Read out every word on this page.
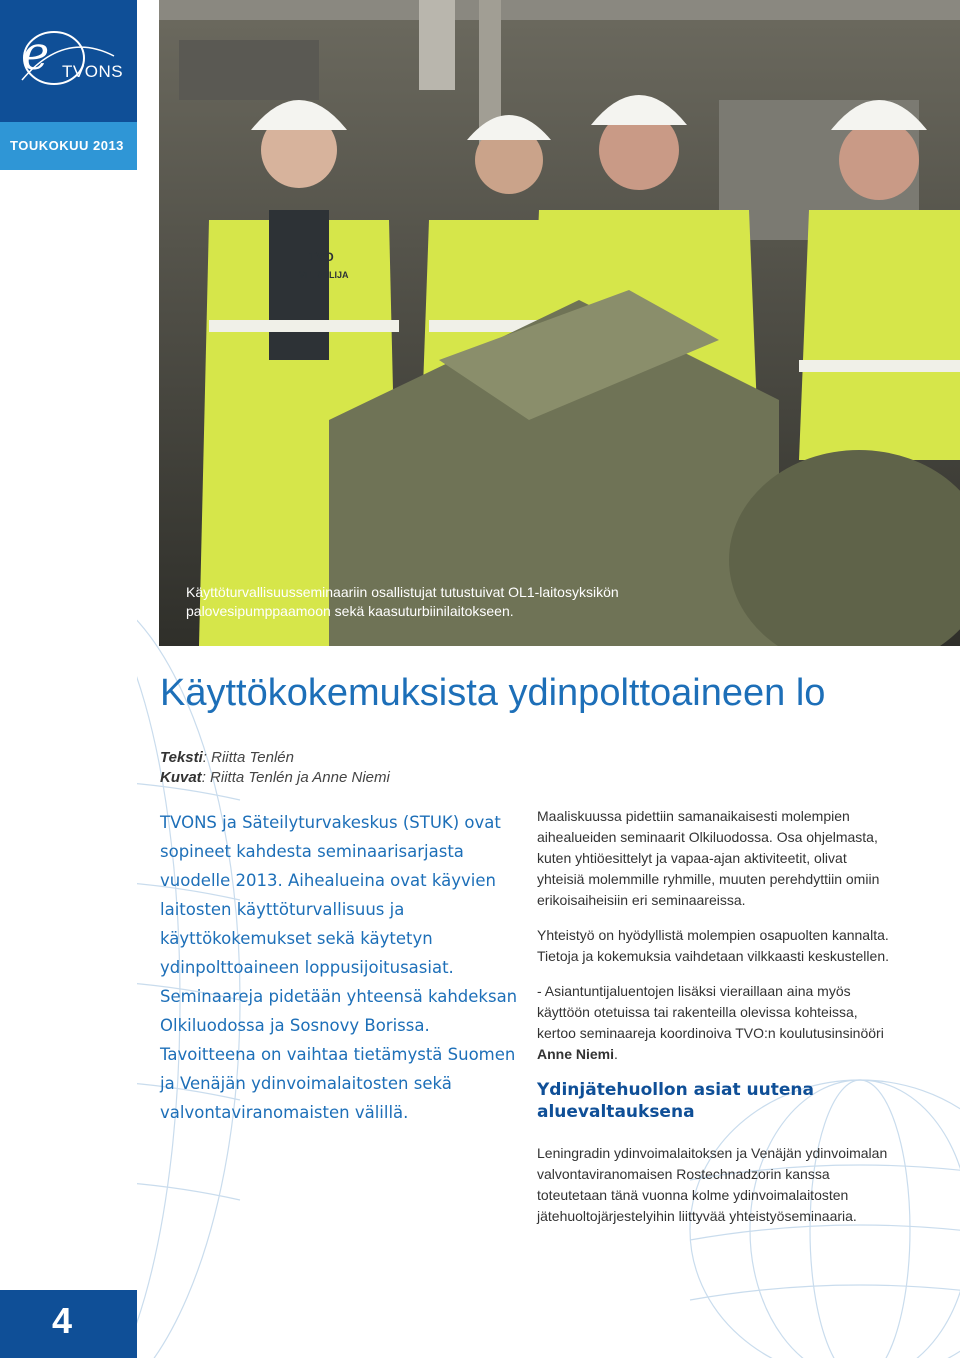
e TVONS
TOUKOKUU 2013
4
TVO
VIERAILIJA
Käyttöturvallisuusseminaariin osallistujat tutustuivat OL1-laitosyksikön
palovesipumppaamoon sekä kaasuturbiinilaitokseen.
Käyttökokemuksista ydinpolttoaineen lo
Teksti: Riitta Tenlén
Kuvat: Riitta Tenlén ja Anne Niemi
TVONS ja Säteilyturvakeskus (STUK) ovat sopineet kahdesta seminaarisarjasta vuodelle 2013. Aihealueina ovat käyvien laitosten käyttöturvallisuus ja käyttökokemukset sekä käytetyn ydinpolttoaineen loppusijoitusasiat. Seminaareja pidetään yhteensä kahdeksan Olkiluodossa ja Sosnovy Borissa. Tavoitteena on vaihtaa tietämystä Suomen ja Venäjän ydinvoimalaitosten sekä valvontaviranomaisten välillä.

Maaliskuussa pidettiin samanaikaisesti molempien aihealueiden seminaarit Olkiluodossa. Osa ohjelmasta, kuten yhtiöesittelyt ja vapaa-ajan aktiviteetit, olivat yhteisiä molemmille ryhmille, muuten perehdyttiin omiin erikoisaiheisiin eri seminaareissa.

Yhteistyö on hyödyllistä molempien osapuolten kannalta. Tietoja ja kokemuksia vaihdetaan vilkkaasti keskustellen.

- Asiantuntijaluentojen lisäksi vieraillaan aina myös käyttöön otetuissa tai rakenteilla olevissa kohteissa, kertoo seminaareja koordinoiva TVO:n koulutusinsinööri Anne Niemi.

Ydinjätehuollon asiat uutena aluevaltauksena

Leningradin ydinvoimalaitoksen ja Venäjän ydinvoimalan valvontaviranomaisen Rostechnadzorin kanssa toteutetaan tänä vuonna kolme ydinvoimalaitosten jätehuoltojärjestelyihin liittyvää yhteistyöseminaaria.
